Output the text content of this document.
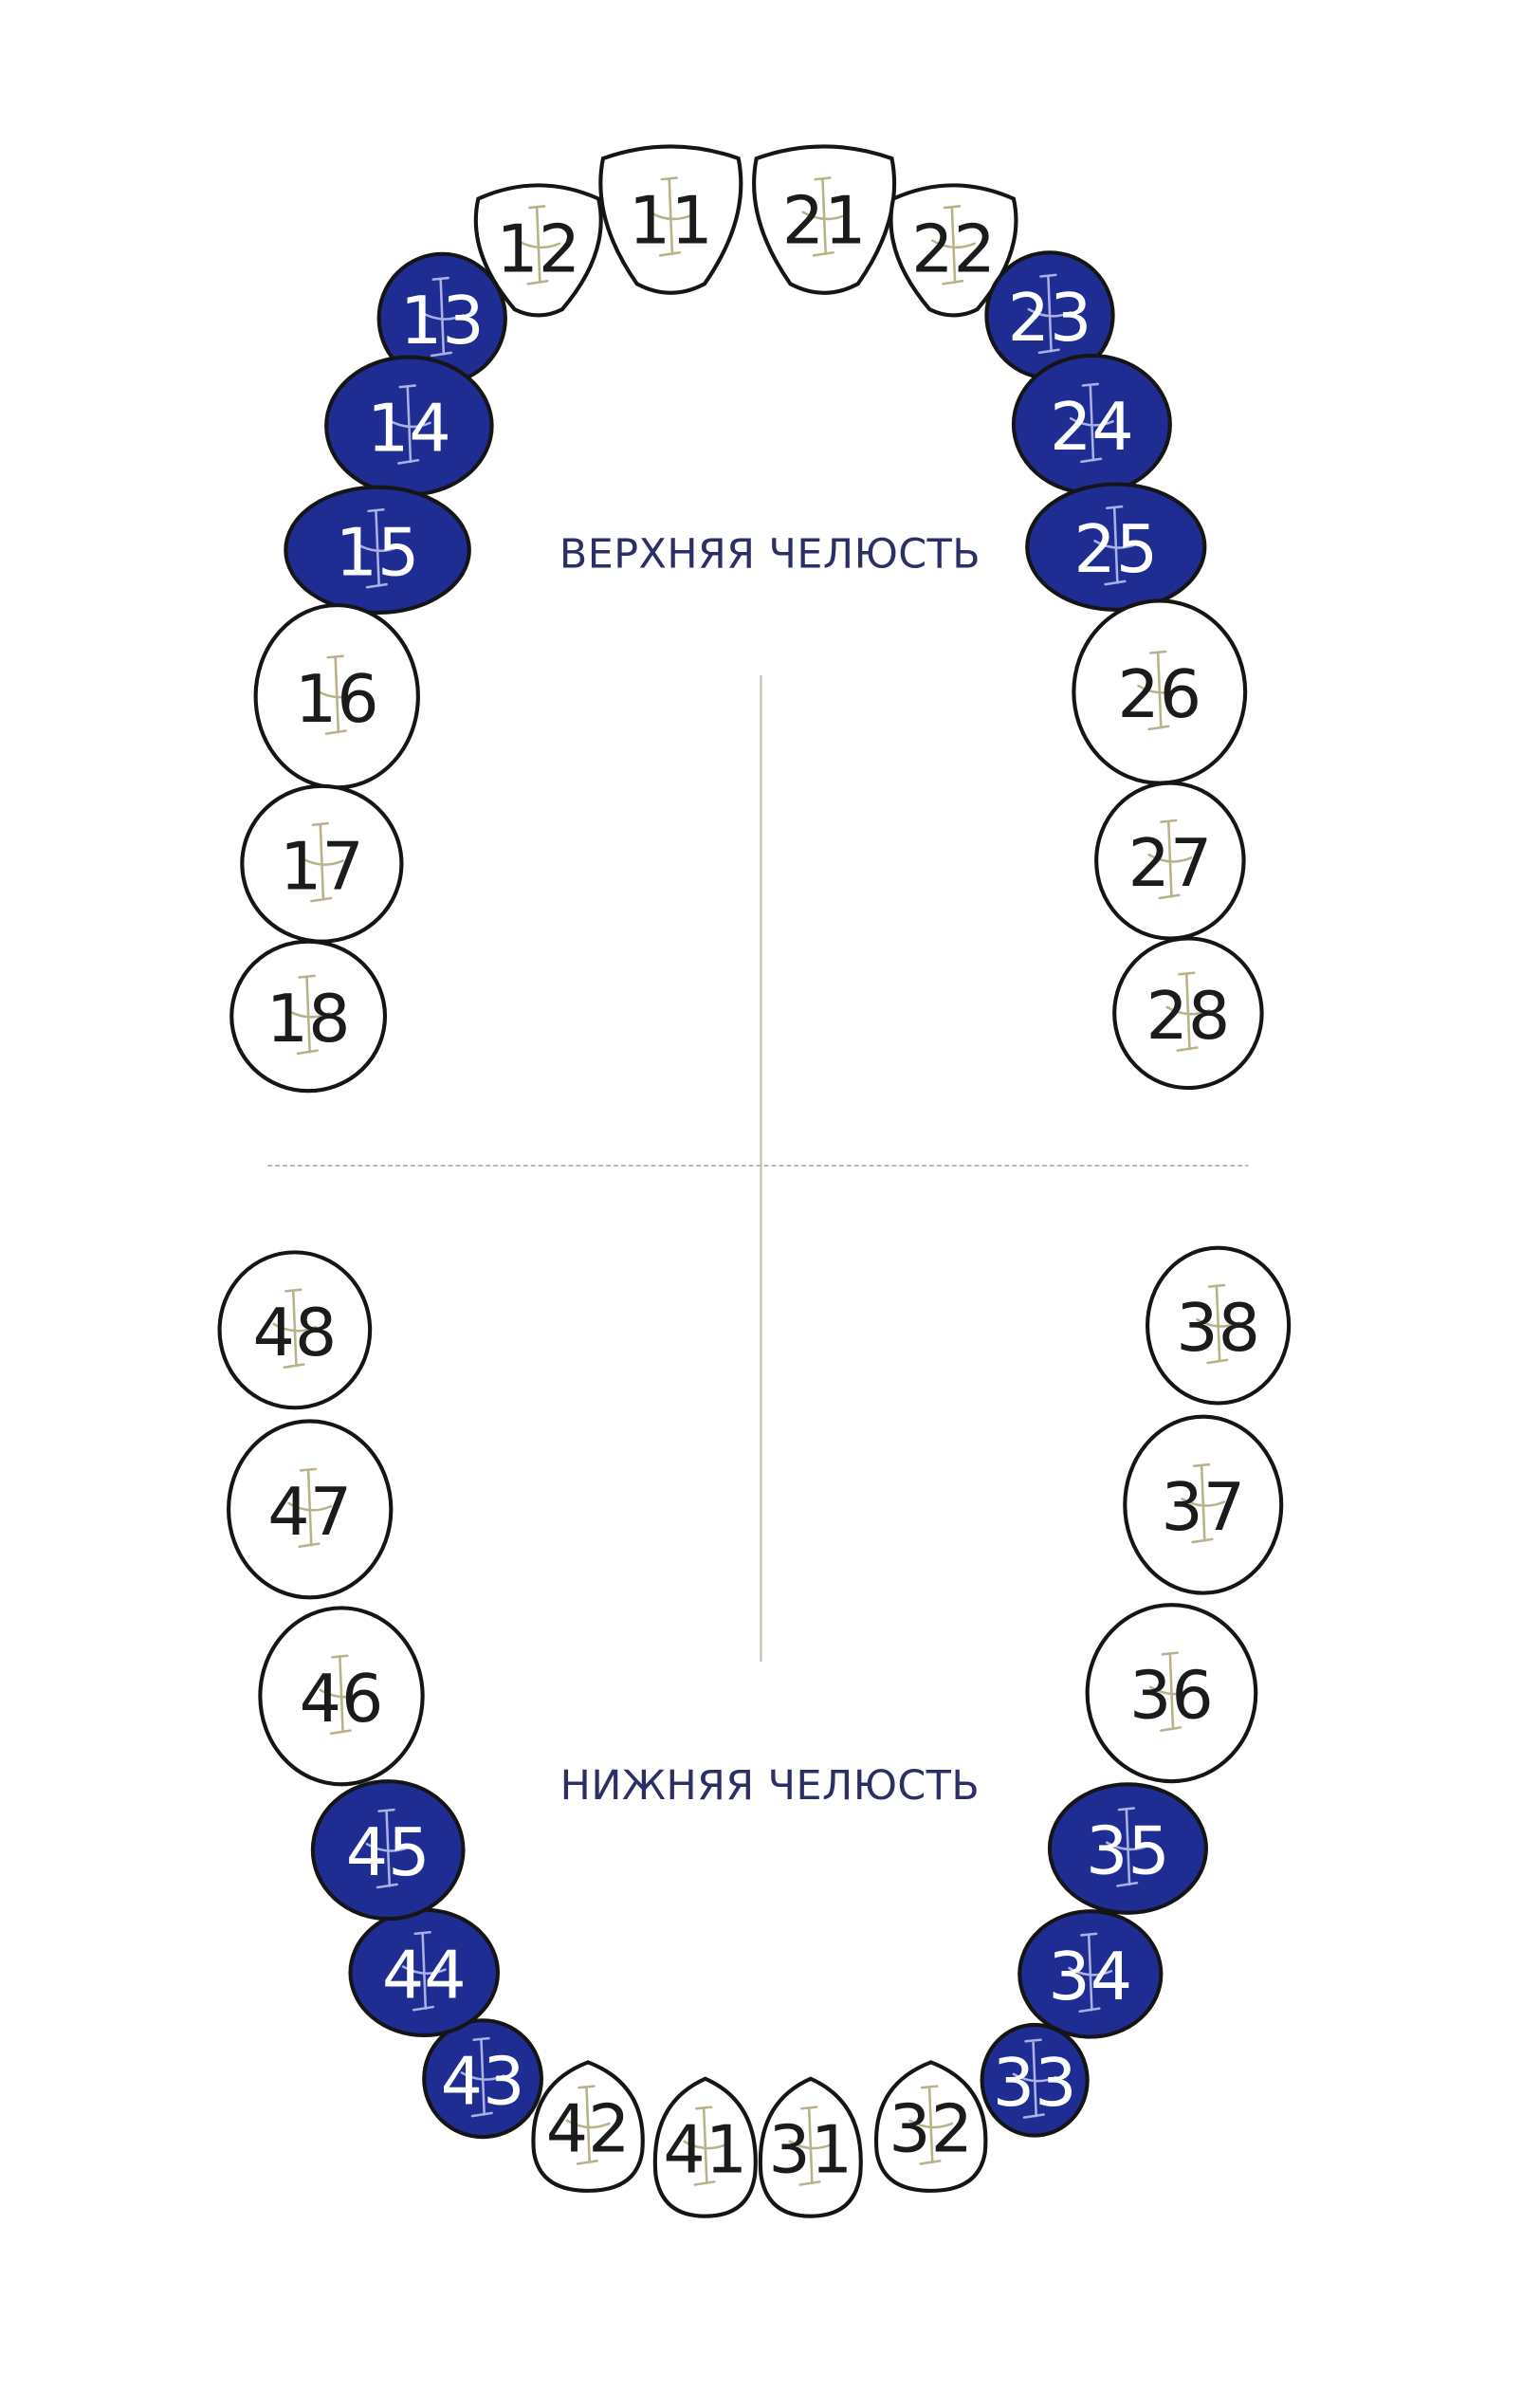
11
12
13
14
15
16
17
18
21 22
23
24
25
26
27
28
31 32
33
34
35
36
37
38
41
42
43
44
45
46
47
48
ВЕРХНЯЯ ЧЕЛЮСТЬ
НИЖНЯЯ ЧЕЛЮСТЬ
